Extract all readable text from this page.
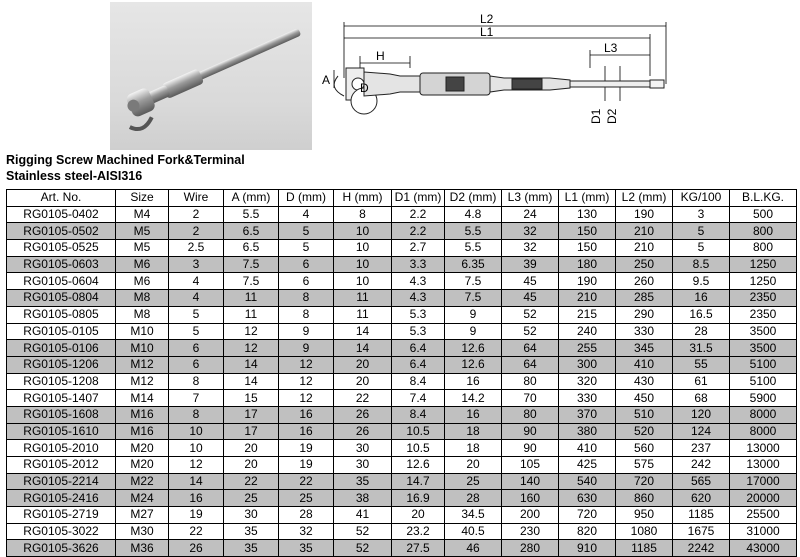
L2
L1
H
L3
A
D
D1 D2
Rigging Screw Machined Fork&Terminal
Stainless steel-AISI316
Art. No.	Size	Wire	A (mm)	D (mm)	H (mm)	D1 (mm)	D2 (mm)	L3 (mm)	L1 (mm)	L2 (mm)	KG/100	B.L.KG.
RG0105-0402	M4	2	5.5	4	8	2.2	4.8	24	130	190	3	500
RG0105-0502	M5	2	6.5	5	10	2.2	5.5	32	150	210	5	800
RG0105-0525	M5	2.5	6.5	5	10	2.7	5.5	32	150	210	5	800
RG0105-0603	M6	3	7.5	6	10	3.3	6.35	39	180	250	8.5	1250
RG0105-0604	M6	4	7.5	6	10	4.3	7.5	45	190	260	9.5	1250
RG0105-0804	M8	4	11	8	11	4.3	7.5	45	210	285	16	2350
RG0105-0805	M8	5	11	8	11	5.3	9	52	215	290	16.5	2350
RG0105-0105	M10	5	12	9	14	5.3	9	52	240	330	28	3500
RG0105-0106	M10	6	12	9	14	6.4	12.6	64	255	345	31.5	3500
RG0105-1206	M12	6	14	12	20	6.4	12.6	64	300	410	55	5100
RG0105-1208	M12	8	14	12	20	8.4	16	80	320	430	61	5100
RG0105-1407	M14	7	15	12	22	7.4	14.2	70	330	450	68	5900
RG0105-1608	M16	8	17	16	26	8.4	16	80	370	510	120	8000
RG0105-1610	M16	10	17	16	26	10.5	18	90	380	520	124	8000
RG0105-2010	M20	10	20	19	30	10.5	18	90	410	560	237	13000
RG0105-2012	M20	12	20	19	30	12.6	20	105	425	575	242	13000
RG0105-2214	M22	14	22	22	35	14.7	25	140	540	720	565	17000
RG0105-2416	M24	16	25	25	38	16.9	28	160	630	860	620	20000
RG0105-2719	M27	19	30	28	41	20	34.5	200	720	950	1185	25500
RG0105-3022	M30	22	35	32	52	23.2	40.5	230	820	1080	1675	31000
RG0105-3626	M36	26	35	35	52	27.5	46	280	910	1185	2242	43000
